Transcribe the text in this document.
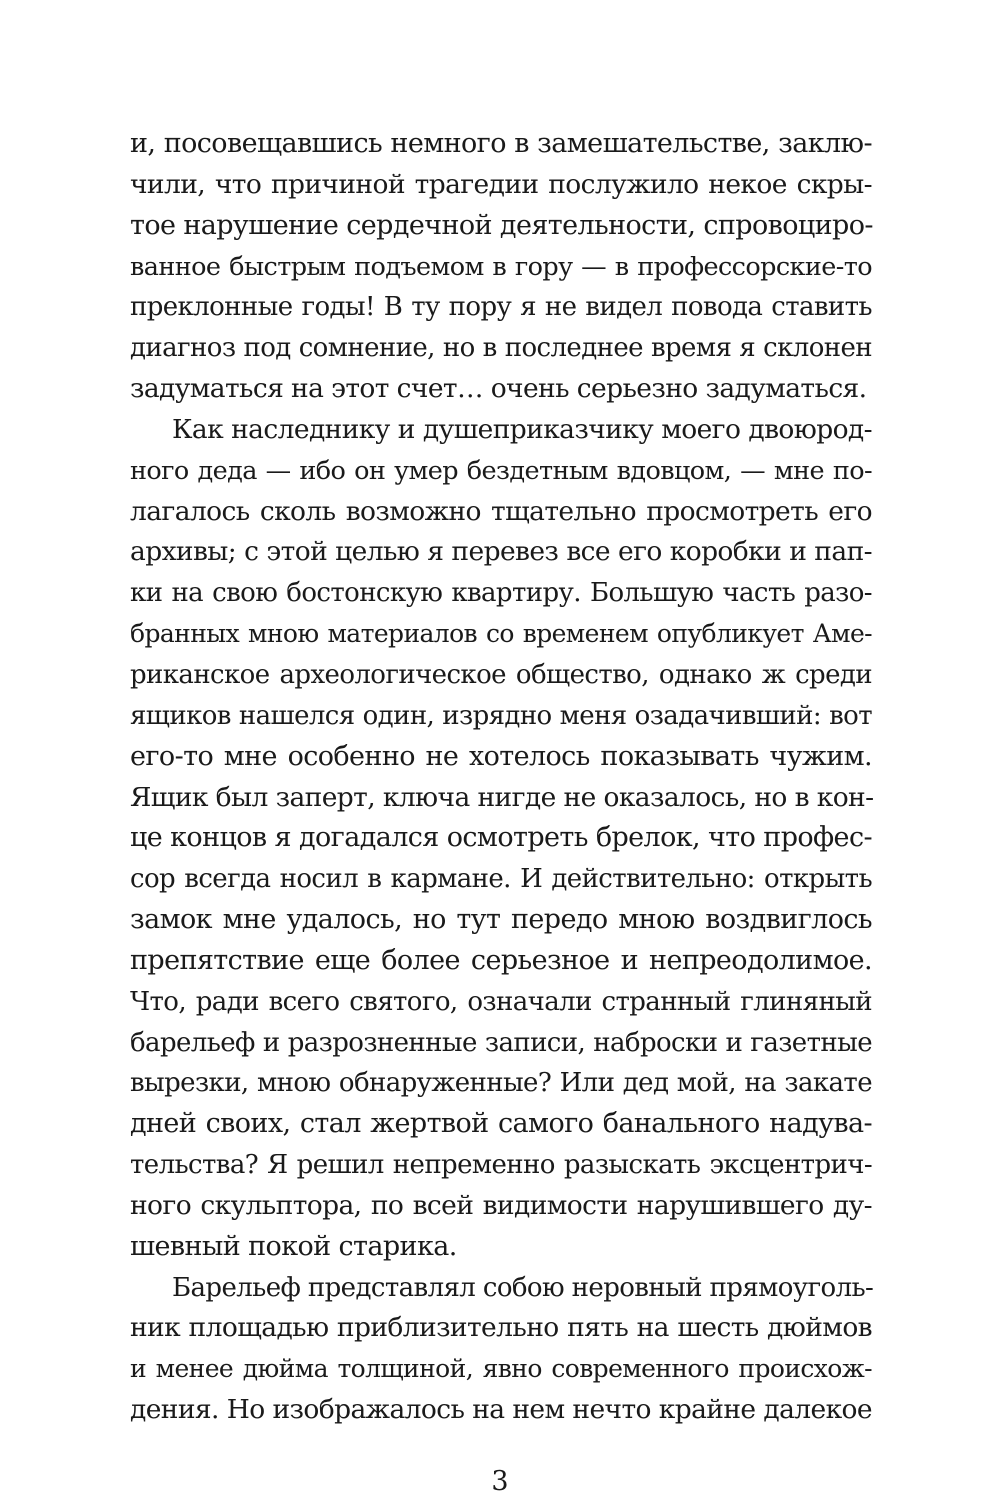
и, посовещавшись немного в замешательстве, заклю-
чили, что причиной трагедии послужило некое скры-
тое нарушение сердечной деятельности, спровоциро-
ванное быстрым подъемом в гору — в профессорские-то
преклонные годы! В ту пору я не видел повода ставить
диагноз под сомнение, но в последнее время я склонен
задуматься на этот счет… очень серьезно задуматься.
Как наследнику и душеприказчику моего двоюрод-
ного деда — ибо он умер бездетным вдовцом, — мне по-
лагалось сколь возможно тщательно просмотреть его
архивы; с этой целью я перевез все его коробки и пап-
ки на свою бостонскую квартиру. Большую часть разо-
бранных мною материалов со временем опубликует Аме-
риканское археологическое общество, однако ж среди
ящиков нашелся один, изрядно меня озадачивший: вот
его-то мне особенно не хотелось показывать чужим.
Ящик был заперт, ключа нигде не оказалось, но в кон-
це концов я догадался осмотреть брелок, что профес-
сор всегда носил в кармане. И действительно: открыть
замок мне удалось, но тут передо мною воздвиглось
препятствие еще более серьезное и непреодолимое.
Что, ради всего святого, означали странный глиняный
барельеф и разрозненные записи, наброски и газетные
вырезки, мною обнаруженные? Или дед мой, на закате
дней своих, стал жертвой самого банального надува-
тельства? Я решил непременно разыскать эксцентрич-
ного скульптора, по всей видимости нарушившего ду-
шевный покой старика.
Барельеф представлял собою неровный прямоуголь-
ник площадью приблизительно пять на шесть дюймов
и менее дюйма толщиной, явно современного происхож-
дения. Но изображалось на нем нечто крайне далекое
3
